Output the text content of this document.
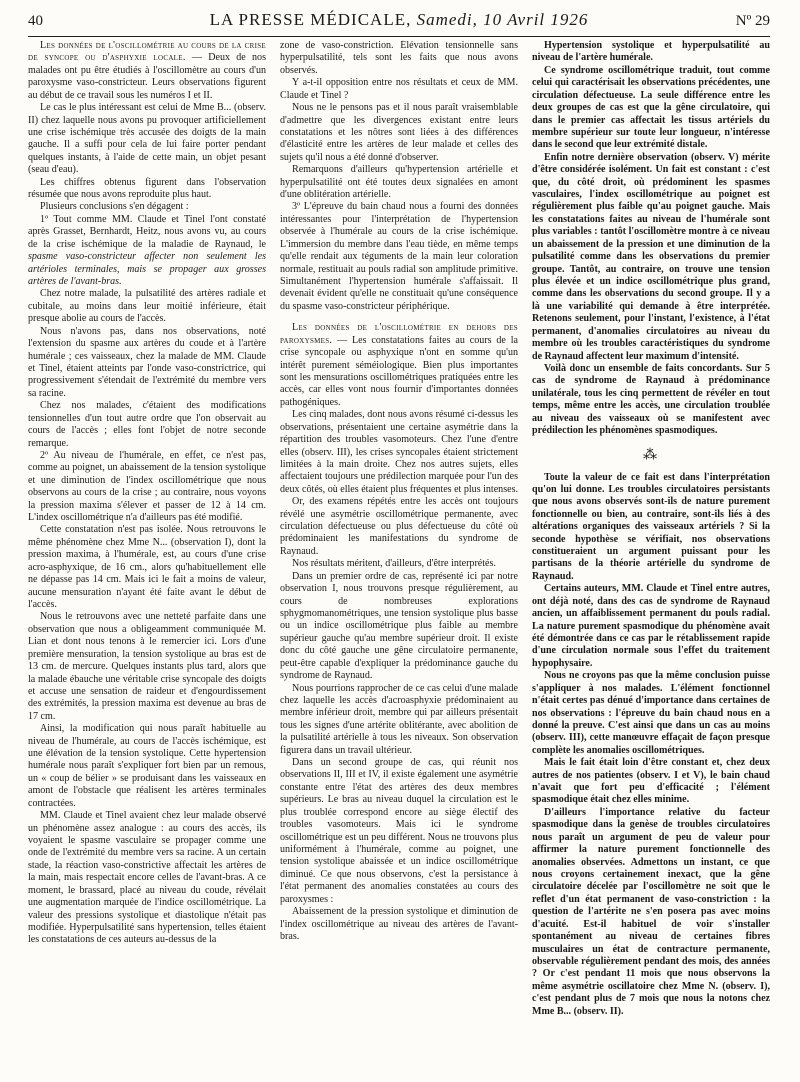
40	LA PRESSE MÉDICALE, Samedi, 10 Avril 1926	Nº 29

Les données de l'oscillométrie au cours de la crise de syncope ou d'asphyxie locale. — Deux de nos malades ont pu être étudiés à l'oscillomètre au cours d'un paroxysme vaso-constricteur. Leurs observations figurent au début de ce travail sous les numéros I et II.

Le cas le plus intéressant est celui de Mme B... (observ. II) chez laquelle nous avons pu provoquer artificiellement une crise ischémique très accusée des doigts de la main gauche. Il a suffi pour cela de lui faire porter pendant quelques instants, à l'aide de cette main, un objet pesant (seau d'eau).

Les chiffres obtenus figurent dans l'observation résumée que nous avons reproduite plus haut.

Plusieurs conclusions s'en dégagent :

1º Tout comme MM. Claude et Tinel l'ont constaté après Grasset, Bernhardt, Heitz, nous avons vu, au cours de la crise ischémique de la maladie de Raynaud, le spasme vaso-constricteur affecter non seulement les artérioles terminales, mais se propager aux grosses artères de l'avant-bras.

Chez notre malade, la pulsatilité des artères radiale et cubitale, au moins dans leur moitié inférieure, était presque abolie au cours de l'accès.

Nous n'avons pas, dans nos observations, noté l'extension du spasme aux artères du coude et à l'artère humérale ; ces vaisseaux, chez la malade de MM. Claude et Tinel, étaient atteints par l'onde vaso-constrictrice, qui progressivement s'étendait de l'extrémité du membre vers sa racine.

Chez nos malades, c'étaient des modifications tensionnelles d'un tout autre ordre que l'on observait au cours de l'accès ; elles font l'objet de notre seconde remarque.

2º Au niveau de l'humérale, en effet, ce n'est pas, comme au poignet, un abaissement de la tension systolique et une diminution de l'index oscillométrique que nous observons au cours de la crise ; au contraire, nous voyons la pression maxima s'élever et passer de 12 à 14 cm. L'index oscillométrique n'a d'ailleurs pas été modifié.

Cette constatation n'est pas isolée. Nous retrouvons le même phénomène chez Mme N... (observation I), dont la pression maxima, à l'humérale, est, au cours d'une crise acro-asphyxique, de 16 cm., alors qu'habituellement elle ne dépasse pas 14 cm. Mais ici le fait a moins de valeur, aucune mensuration n'ayant été faite avant le début de l'accès.

Nous le retrouvons avec une netteté parfaite dans une observation que nous a obligeamment communiquée M. Lian et dont nous tenons à le remercier ici. Lors d'une première mensuration, la tension systolique au bras est de 13 cm. de mercure. Quelques instants plus tard, alors que la malade ébauche une véritable crise syncopale des doigts et accuse une sensation de raideur et d'engourdissement des extrémités, la pression maxima est devenue au bras de 17 cm.

Ainsi, la modification qui nous paraît habituelle au niveau de l'humérale, au cours de l'accès ischémique, est une élévation de la tension systolique. Cette hypertension humérale nous paraît s'expliquer fort bien par un remous, un « coup de bélier » se produisant dans les vaisseaux en amont de l'obstacle que réalisent les artères terminales contractées.

MM. Claude et Tinel avaient chez leur malade observé un phénomène assez analogue : au cours des accès, ils voyaient le spasme vasculaire se propager comme une onde de l'extrémité du membre vers sa racine. A un certain stade, la réaction vaso-constrictive affectait les artères de la main, mais respectait encore celles de l'avant-bras. A ce moment, le brassard, placé au niveau du coude, révélait une augmentation marquée de l'indice oscillométrique. La valeur des pressions systolique et diastolique n'était pas modifiée. Hyperpulsatilité sans hypertension, telles étaient les constatations de ces auteurs au-dessus de la

zone de vaso-constriction. Élévation tensionnelle sans hyperpulsatilité, tels sont les faits que nous avons observés.

Y a-t-il opposition entre nos résultats et ceux de MM. Claude et Tinel ?

Nous ne le pensons pas et il nous paraît vraisemblable d'admettre que les divergences existant entre leurs constatations et les nôtres sont liées à des différences d'élasticité entre les artères de leur malade et celles des sujets qu'il nous a été donné d'observer.

Remarquons d'ailleurs qu'hypertension artérielle et hyperpulsatilité ont été toutes deux signalées en amont d'une oblitération artérielle.

3º L'épreuve du bain chaud nous a fourni des données intéressantes pour l'interprétation de l'hypertension observée à l'humérale au cours de la crise ischémique. L'immersion du membre dans l'eau tiède, en même temps qu'elle rendait aux téguments de la main leur coloration normale, restituait au pouls radial son amplitude primitive. Simultanément l'hypertension humérale s'affaissait. Il devenait évident qu'elle ne constituait qu'une conséquence du spasme vaso-constricteur périphérique.

Les données de l'oscillométrie en dehors des paroxysmes. — Les constatations faites au cours de la crise syncopale ou asphyxique n'ont en somme qu'un intérêt purement séméiologique. Bien plus importantes sont les mensurations oscillométriques pratiquées entre les accès, car elles vont nous fournir d'importantes données pathogéniques.

Les cinq malades, dont nous avons résumé ci-dessus les observations, présentaient une certaine asymétrie dans la répartition des troubles vasomoteurs. Chez l'une d'entre elles (observ. III), les crises syncopales étaient strictement limitées à la main droite. Chez nos autres sujets, elles affectaient toujours une prédilection marquée pour l'un des deux côtés, où elles étaient plus fréquentes et plus intenses.

Or, des examens répétés entre les accès ont toujours révélé une asymétrie oscillométrique permanente, avec circulation défectueuse ou plus défectueuse du côté où prédominaient les manifestations du syndrome de Raynaud.

Nos résultats méritent, d'ailleurs, d'être interprétés.

Dans un premier ordre de cas, représenté ici par notre observation I, nous trouvons presque régulièrement, au cours de nombreuses explorations sphygmomanométriques, une tension systolique plus basse ou un indice oscillométrique plus faible au membre supérieur gauche qu'au membre supérieur droit. Il existe donc du côté gauche une gêne circulatoire permanente, peut-être capable d'expliquer la prédominance gauche du syndrome de Raynaud.

Nous pourrions rapprocher de ce cas celui d'une malade chez laquelle les accès d'acroasphyxie prédominaient au membre inférieur droit, membre qui par ailleurs présentait tous les signes d'une artérite oblitérante, avec abolition de la pulsatilité artérielle à tous les niveaux. Son observation figurera dans un travail ultérieur.

Dans un second groupe de cas, qui réunit nos observations II, III et IV, il existe également une asymétrie constante entre l'état des artères des deux membres supérieurs. Le bras au niveau duquel la circulation est le plus troublée correspond encore au siège électif des troubles vasomoteurs. Mais ici le syndrome oscillométrique est un peu différent. Nous ne trouvons plus uniformément à l'humérale, comme au poignet, une tension systolique abaissée et un indice oscillométrique diminué. Ce que nous observons, c'est la persistance à l'état permanent des anomalies constatées au cours des paroxysmes :

Abaissement de la pression systolique et diminution de l'index oscillométrique au niveau des artères de l'avant-bras.

Hypertension systolique et hyperpulsatilité au niveau de l'artère humérale.

Ce syndrome oscillométrique traduit, tout comme celui qui caractérisait les observations précédentes, une circulation défectueuse. La seule différence entre les deux groupes de cas est que la gêne circulatoire, qui dans le premier cas affectait les tissus artériels du membre supérieur sur toute leur longueur, n'intéresse dans le second que leur extrémité distale.

Enfin notre dernière observation (observ. V) mérite d'être considérée isolément. Un fait est constant : c'est que, du côté droit, où prédominent les spasmes vasculaires, l'index oscillométrique au poignet est régulièrement plus faible qu'au poignet gauche. Mais les constatations faites au niveau de l'humérale sont plus variables : tantôt l'oscillomètre montre à ce niveau un abaissement de la pression et une diminution de la pulsatilité comme dans les observations du premier groupe. Tantôt, au contraire, on trouve une tension plus élevée et un indice oscillométrique plus grand, comme dans les observations du second groupe. Il y a là une variabilité qui demande à être interprétée. Retenons seulement, pour l'instant, l'existence, à l'état permanent, d'anomalies circulatoires au niveau du membre où les troubles caractéristiques du syndrome de Raynaud affectent leur maximum d'intensité.

Voilà donc un ensemble de faits concordants. Sur 5 cas de syndrome de Raynaud à prédominance unilatérale, tous les cinq permettent de révéler en tout temps, même entre les accès, une circulation troublée au niveau des vaisseaux où se manifestent avec prédilection les phénomènes spasmodiques.

⁂

Toute la valeur de ce fait est dans l'interprétation qu'on lui donne. Les troubles circulatoires persistants que nous avons observés sont-ils de nature purement fonctionnelle ou bien, au contraire, sont-ils liés à des altérations organiques des vaisseaux artériels ? Si la seconde hypothèse se vérifiait, nos observations constitueraient un argument puissant pour les partisans de la théorie artérielle du syndrome de Raynaud.

Certains auteurs, MM. Claude et Tinel entre autres, ont déjà noté, dans des cas de syndrome de Raynaud ancien, un affaiblissement permanent du pouls radial. La nature purement spasmodique du phénomène avait été démontrée dans ce cas par le rétablissement rapide d'une circulation normale sous l'effet du traitement hypophysaire.

Nous ne croyons pas que la même conclusion puisse s'appliquer à nos malades. L'élément fonctionnel n'était certes pas dénué d'importance dans certaines de nos observations : l'épreuve du bain chaud nous en a donné la preuve. C'est ainsi que dans un cas au moins (observ. III), cette manœuvre effaçait de façon presque complète les anomalies oscillométriques.

Mais le fait était loin d'être constant et, chez deux autres de nos patientes (observ. I et V), le bain chaud n'avait que fort peu d'efficacité ; l'élément spasmodique était chez elles minime.

D'ailleurs l'importance relative du facteur spasmodique dans la genèse de troubles circulatoires nous paraît un argument de peu de valeur pour affirmer la nature purement fonctionnelle des anomalies observées. Admettons un instant, ce que nous croyons certainement inexact, que la gêne circulatoire décelée par l'oscillomètre ne soit que le reflet d'un état permanent de vaso-constriction : la question de l'artérite ne s'en posera pas avec moins d'acuité. Est-il habituel de voir s'installer spontanément au niveau de certaines fibres musculaires un état de contracture permanente, observable régulièrement pendant des mois, des années ? Or c'est pendant 11 mois que nous observons la même asymétrie oscillatoire chez Mme N. (observ. I), c'est pendant plus de 7 mois que nous la notons chez Mme B... (observ. II).
